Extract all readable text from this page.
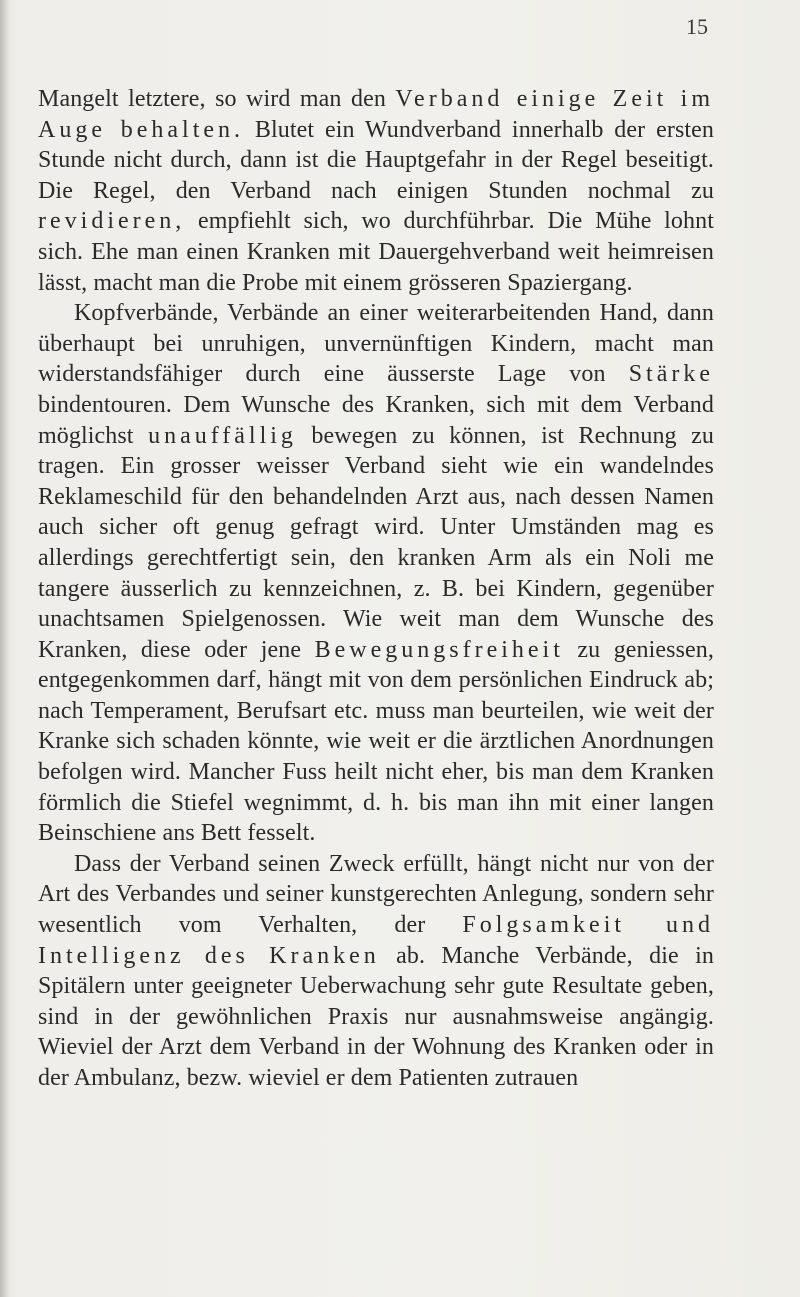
15

Mangelt letztere, so wird man den Verband einige Zeit im Auge behalten. Blutet ein Wundverband innerhalb der ersten Stunde nicht durch, dann ist die Hauptgefahr in der Regel beseitigt. Die Regel, den Verband nach einigen Stunden nochmal zu revidieren, empfiehlt sich, wo durchführbar. Die Mühe lohnt sich. Ehe man einen Kranken mit Dauergehverband weit heimreisen lässt, macht man die Probe mit einem grösseren Spaziergang.

Kopfverbände, Verbände an einer weiterarbeitenden Hand, dann überhaupt bei unruhigen, unvernünftigen Kindern, macht man widerstandsfähiger durch eine äusserste Lage von Stärke bindentouren. Dem Wunsche des Kranken, sich mit dem Verband möglichst unauffällig bewegen zu können, ist Rechnung zu tragen. Ein grosser weisser Verband sieht wie ein wandelndes Reklameschild für den behandelnden Arzt aus, nach dessen Namen auch sicher oft genug gefragt wird. Unter Umständen mag es allerdings gerechtfertigt sein, den kranken Arm als ein Noli me tangere äusserlich zu kennzeichnen, z. B. bei Kindern, gegenüber unachtsamen Spielgenossen. Wie weit man dem Wunsche des Kranken, diese oder jene Bewegungsfreiheit zu geniessen, entgegenkommen darf, hängt mit von dem persönlichen Eindruck ab; nach Temperament, Berufsart etc. muss man beurteilen, wie weit der Kranke sich schaden könnte, wie weit er die ärztlichen Anordnungen befolgen wird. Mancher Fuss heilt nicht eher, bis man dem Kranken förmlich die Stiefel wegnimmt, d. h. bis man ihn mit einer langen Beinschiene ans Bett fesselt.

Dass der Verband seinen Zweck erfüllt, hängt nicht nur von der Art des Verbandes und seiner kunstgerechten Anlegung, sondern sehr wesentlich vom Verhalten, der Folgsamkeit und Intelligenz des Kranken ab. Manche Verbände, die in Spitälern unter geeigneter Ueberwachung sehr gute Resultate geben, sind in der gewöhnlichen Praxis nur ausnahmsweise angängig. Wieviel der Arzt dem Verband in der Wohnung des Kranken oder in der Ambulanz, bezw. wieviel er dem Patienten zutrauen
